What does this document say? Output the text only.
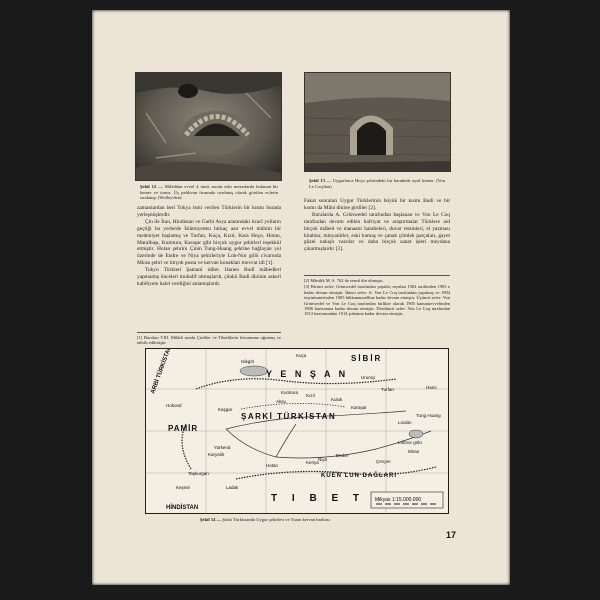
Şekil 12 — Milâddan evvel 4 üncü asırda eski mezarlarda bulunan bir kemer ve tonoz. Üç pehlivan fırınında oyulmuş olarak görülen evlerin sıralanışı (Wolley'den).
Şekil 13 — Uygurlarca Hoço şehrindeki bir harabede ayrıl kemer. (Von Le Coq'dan)

zamanlardan beri Tokya ismi verilen Türklerin bir kısmı burada yerleşmişlerdir.

Çin ile İran, Hindistan ve Garbi Asya arasındaki ticarî yolların geçtiği bu yerlerde İslâmiyetten birkaç asır evvel mühim bir medeniyet başlamış ve Turfan, Kuça, Kızıl, Kara Hoço, Hotan, Maralbaşı, Kumtura, Karaşar gibi birçok uygur şehirleri teşekkül etmiştir. Hotan şehrini Çinin Tung-Huang şehrine bağlayan yol üzerinde de Endre ve Niya şehirleriyle Lob-Nor gölü civarında Miran şehri ve birçok posta ve kervan konakları mevcut idi [1].

Tokyo Türkleri Şamanî idiler. Hanen Budî mâbedleri yapmamış önceleri muhalif olmuşlardı, çünkü Budi dininin askerî kabiliyete halel verdiğini anlamışlardı.

[1] Buraları VIII. Milâdi asırda Çinliler ve Tibetlilerin hücumuna uğramış ve tahrib edilmiştir.

Fakat sonraları Uygur Türklerinin büyük bir kısmı Budi ve bir kısmı da Mâni dinine girdiler [2].

Buralarda A. Grünwedel tarafından başlanan ve Von Le Coq tarafından devam edilen hafriyat ve araştırmalar Türklere aid birçok mâbed ve manastır harabeleri, duvar resimleri, el yazması kitablar, minyatürler, eski kumaş ve çanak çömlek parçaları, gayet güzel nakışlı vazolar ve daha birçok sanat işleri meydana çıkarmışlardır [3].

[2] Mânilik M. S. 762 de resmî din olmuştu.

[3] Birinci sefer: Grünwedel tarafından yapıldı; seyahat 1902 tarihinden 1903 e kadar devam etmiştir. İkinci sefer: A. Von Le Coq tarafından yapılmış ve 1904 teşrinisanisinden 1905 hikkanunuelline kadar devam etmiştir. Üçüncü sefer: Von Grünwedel ve Von Le Coq tarafından birlikte olarak 1905 kanunuevvelinden 1906 haziranına kadar devam etmiştir. Dördüncü sefer: Von Le Coq tarafından 1913 haziranından 1914 şubatına kadar devam etmiştir.

SİBİR
ARBİ TÜRKİSTAN	Y E N Ş A N
ŞARKİ TÜRKİSTAN
PAMİR
T I B E T
HİNDİSTAN
KUEN LUN DAĞLARI
Kuça
Urumçi
Turfan	Hami
Kumtura
Kızıl
Aksu	Kuluk
Karaşar
Kaşgar
Yarkend
Karyalık
Hotan
Keriya
Endre
Niya
Lobnor gölü
Miran
Loulan
Çerçen
Hokond
Isikgöl
Taşkurgan
Keşmir	Ladak
Tung Huang
Mikyas 1:15.000.000
Şekil 14 — Şarki Türkistanda Uygur şehirleri ve Turan kervan harltası
17
